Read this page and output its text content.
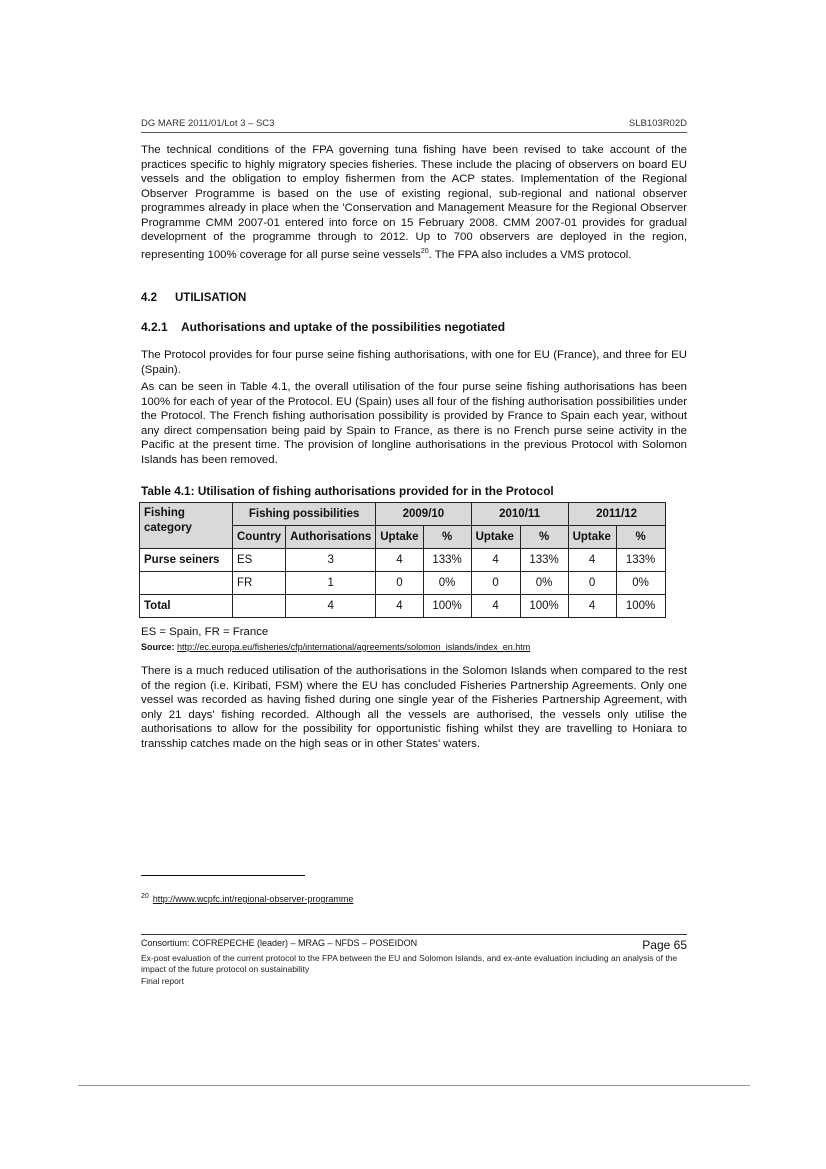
DG MARE 2011/01/Lot 3 – SC3	SLB103R02D

The technical conditions of the FPA governing tuna fishing have been revised to take account of the practices specific to highly migratory species fisheries. These include the placing of observers on board EU vessels and the obligation to employ fishermen from the ACP states. Implementation of the Regional Observer Programme is based on the use of existing regional, sub-regional and national observer programmes already in place when the 'Conservation and Management Measure for the Regional Observer Programme CMM 2007-01 entered into force on 15 February 2008. CMM 2007-01 provides for gradual development of the programme through to 2012. Up to 700 observers are deployed in the region, representing 100% coverage for all purse seine vessels$^{20}$. The FPA also includes a VMS protocol.

4.2 UTILISATION
4.2.1 Authorisations and uptake of the possibilities negotiated

The Protocol provides for four purse seine fishing authorisations, with one for EU (France), and three for EU (Spain).

As can be seen in Table 4.1, the overall utilisation of the four purse seine fishing authorisations has been 100% for each of year of the Protocol. EU (Spain) uses all four of the fishing authorisation possibilities under the Protocol. The French fishing authorisation possibility is provided by France to Spain each year, without any direct compensation being paid by Spain to France, as there is no French purse seine activity in the Pacific at the present time. The provision of longline authorisations in the previous Protocol with Solomon Islands has been removed.

Table 4.1: Utilisation of fishing authorisations provided for in the Protocol
Fishing category	Fishing possibilities		2009/10		2010/11		2011/12	
	Country	Authorisations	Uptake	%	Uptake	%	Uptake	%
Purse seiners	ES	3	4	133%	4	133%	4	133%
	FR	1	0	0%	0	0%	0	0%
Total		4	4	100%	4	100%	4	100%
ES = Spain, FR = France
Source: http://ec.europa.eu/fisheries/cfp/international/agreements/solomon_islands/index_en.htm

There is a much reduced utilisation of the authorisations in the Solomon Islands when compared to the rest of the region (i.e. Kiribati, FSM) where the EU has concluded Fisheries Partnership Agreements. Only one vessel was recorded as having fished during one single year of the Fisheries Partnership Agreement, with only 21 days' fishing recorded. Although all the vessels are authorised, the vessels only utilise the authorisations to allow for the possibility for opportunistic fishing whilst they are travelling to Honiara to transship catches made on the high seas or in other States' waters.

$^{20}$ http://www.wcpfc.int/regional-observer-programme
Consortium: COFREPECHE (leader) – MRAG – NFDS – POSEIDON	Page 65
Ex-post evaluation of the current protocol to the FPA between the EU and Solomon Islands, and ex-ante evaluation including an analysis of the impact of the future protocol on sustainability
Final report
